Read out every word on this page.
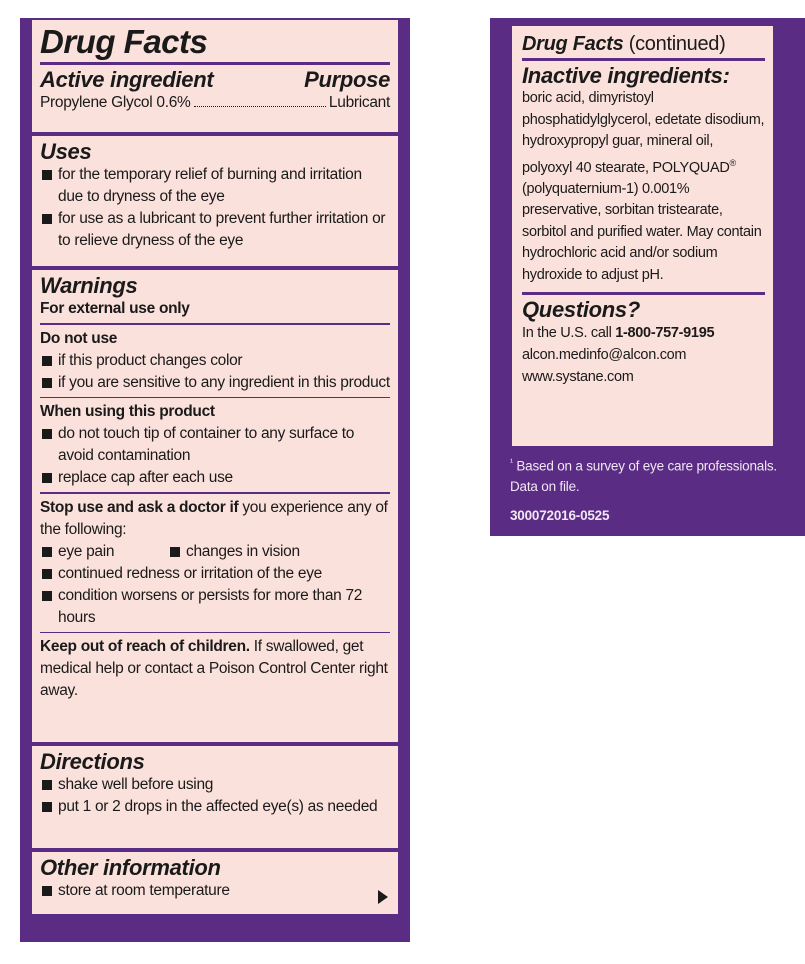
Drug Facts
Active ingredient	Purpose
Propylene Glycol 0.6%	Lubricant
Uses
for the temporary relief of burning and irritation due to dryness of the eye
for use as a lubricant to prevent further irritation or to relieve dryness of the eye
Warnings
For external use only
Do not use
if this product changes color
if you are sensitive to any ingredient in this product
When using this product
do not touch tip of container to any surface to avoid contamination
replace cap after each use
Stop use and ask a doctor if you experience any of the following:
eye pain	changes in vision
continued redness or irritation of the eye
condition worsens or persists for more than 72 hours
Keep out of reach of children. If swallowed, get medical help or contact a Poison Control Center right away.
Directions
shake well before using
put 1 or 2 drops in the affected eye(s) as needed
Other information
store at room temperature
Drug Facts (continued)
Inactive ingredients:
boric acid, dimyristoyl phosphatidylglycerol, edetate disodium, hydroxypropyl guar, mineral oil, polyoxyl 40 stearate, POLYQUAD® (polyquaternium-1) 0.001% preservative, sorbitan tristearate, sorbitol and purified water. May contain hydrochloric acid and/or sodium hydroxide to adjust pH.
Questions?
In the U.S. call 1-800-757-9195
alcon.medinfo@alcon.com
www.systane.com
$^{^1}$ Based on a survey of eye care professionals. Data on file.
300072016-0525
